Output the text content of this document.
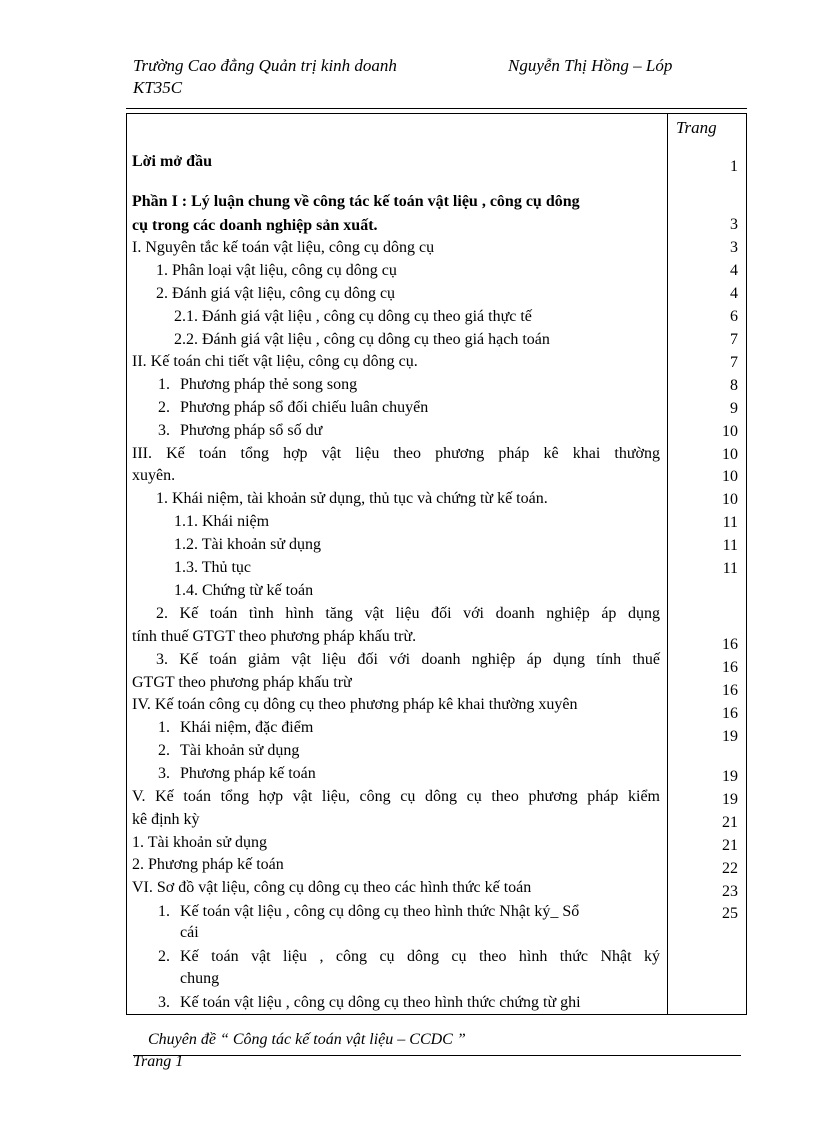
Trường Cao đẳng Quản trị kinh doanh	Nguyễn Thị Hồng – Lóp
KT35C
Trang
Lời mở đầu	1
Phần I : Lý luận chung về công tác kế toán vật liệu , công cụ dông
cụ trong các doanh nghiệp sản xuất.
I. Nguyên tắc kế toán vật liệu, công cụ dông cụ
1. Phân loại vật liệu, công cụ dông cụ
2. Đánh giá vật liệu, công cụ dông cụ
2.1. Đánh giá vật liệu , công cụ dông cụ theo giá thực tế
2.2. Đánh giá vật liệu , công cụ dông cụ theo giá hạch toán
II. Kế toán chi tiết vật liệu, công cụ dông cụ.
1. Phương pháp thẻ song song
2. Phương pháp sổ đối chiếu luân chuyển
3. Phương pháp sổ số dư
III. Kế toán tổng hợp vật liệu theo phương pháp kê khai thường
xuyên.
1. Khái niệm, tài khoản sử dụng, thủ tục và chứng từ kế toán.
1.1. Khái niệm
1.2. Tài khoản sử dụng
1.3. Thủ tục
1.4. Chứng từ kế toán
2. Kế toán tình hình tăng vật liệu đối với doanh nghiệp áp dụng
tính thuế GTGT theo phương pháp khấu trừ.
3. Kế toán giảm vật liệu đối với doanh nghiệp áp dụng tính thuế
GTGT theo phương pháp khấu trừ
IV. Kế toán công cụ dông cụ theo phương pháp kê khai thường xuyên
1. Khái niệm, đặc điểm
2. Tài khoản sử dụng
3. Phương pháp kế toán
V. Kế toán tổng hợp vật liệu, công cụ dông cụ theo phương pháp kiểm
kê định kỳ
1. Tài khoản sử dụng
2. Phương pháp kế toán
VI. Sơ đồ vật liệu, công cụ dông cụ theo các hình thức kế toán
1. Kế toán vật liệu , công cụ dông cụ theo hình thức Nhật ký_ Sổ
cái
2. Kế toán vật liệu , công cụ dông cụ theo hình thức Nhật ký
chung
3. Kế toán vật liệu , công cụ dông cụ theo hình thức chứng từ ghi
3
3
4
4
6
7
7
8
9
10
10
10
10
11
11
11
16
16
16
16
19
19
19
21
21
22
23
25
Chuyên đề “ Công tác kế toán vật liệu – CCDC ”
Trang 1
